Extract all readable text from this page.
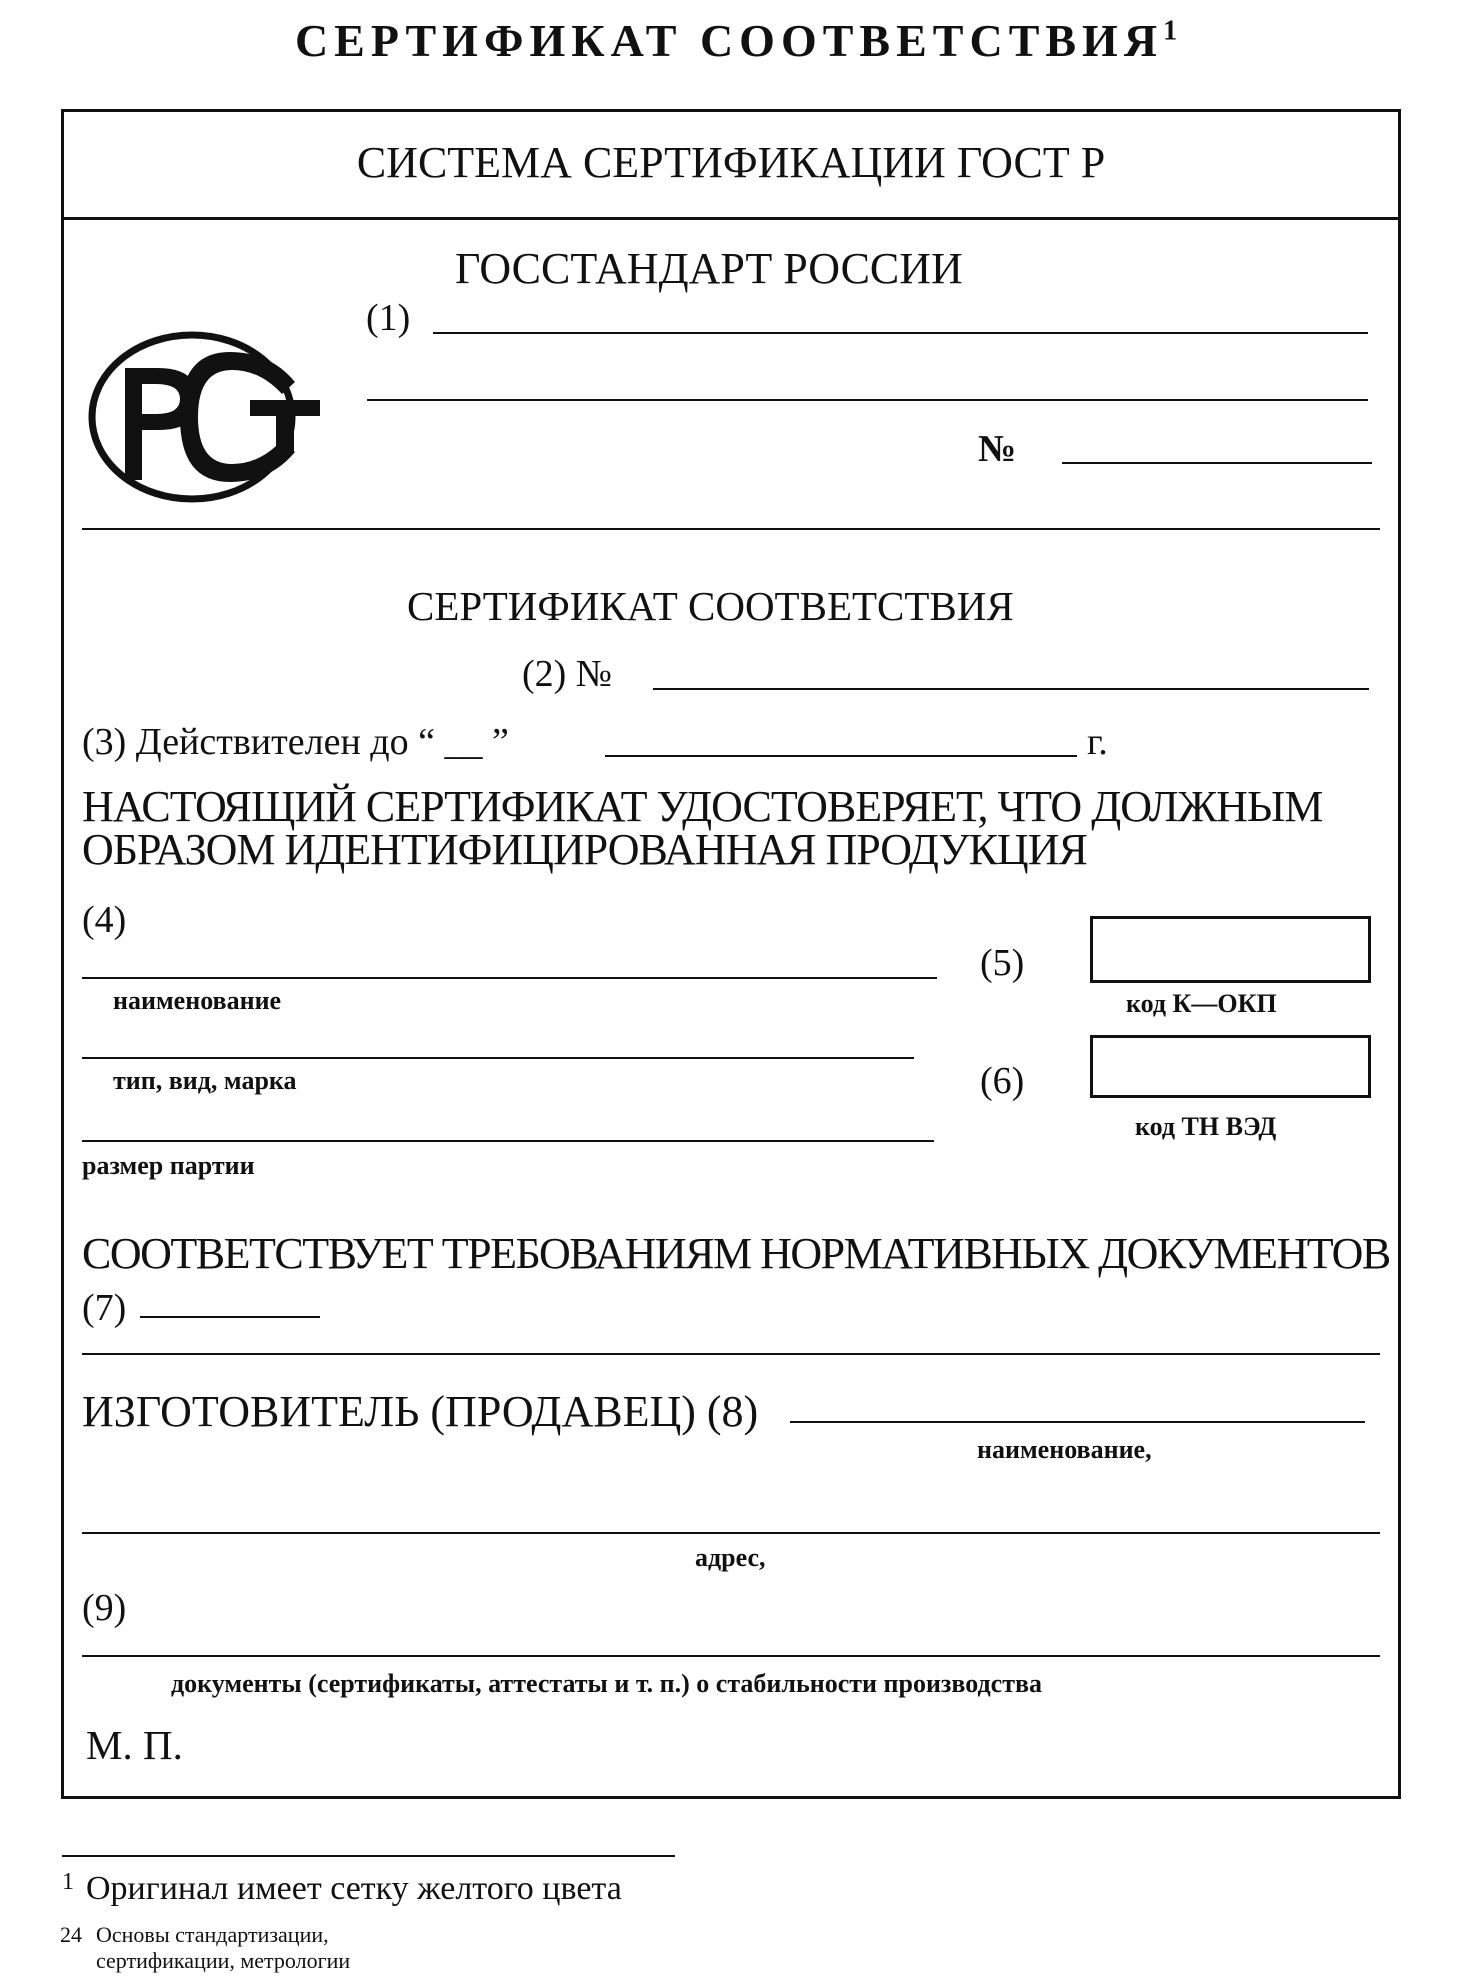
СЕРТИФИКАТ СООТВЕТСТВИЯ$^1$
СИСТЕМА СЕРТИФИКАЦИИ ГОСТ Р
ГОССТАНДАРТ РОССИИ
(1)
№
СЕРТИФИКАТ СООТВЕТСТВИЯ
(2) №
(3) Действителен до “ __ ”	г.
НАСТОЯЩИЙ СЕРТИФИКАТ УДОСТОВЕРЯЕТ, ЧТО ДОЛЖНЫМ
ОБРАЗОМ ИДЕНТИФИЦИРОВАННАЯ ПРОДУКЦИЯ
(4)
наименование
тип, вид, марка
размер партии
(5)
код К—ОКП
(6)
код ТН ВЭД
СООТВЕТСТВУЕТ ТРЕБОВАНИЯМ НОРМАТИВНЫХ ДОКУМЕНТОВ
(7)
ИЗГОТОВИТЕЛЬ (ПРОДАВЕЦ) (8)
наименование,
адрес,
(9)
документы (сертификаты, аттестаты и т. п.) о стабильности производства
М. П.
1 Оригинал имеет сетку желтого цвета
24 Основы стандартизации,
сертификации, метрологии
